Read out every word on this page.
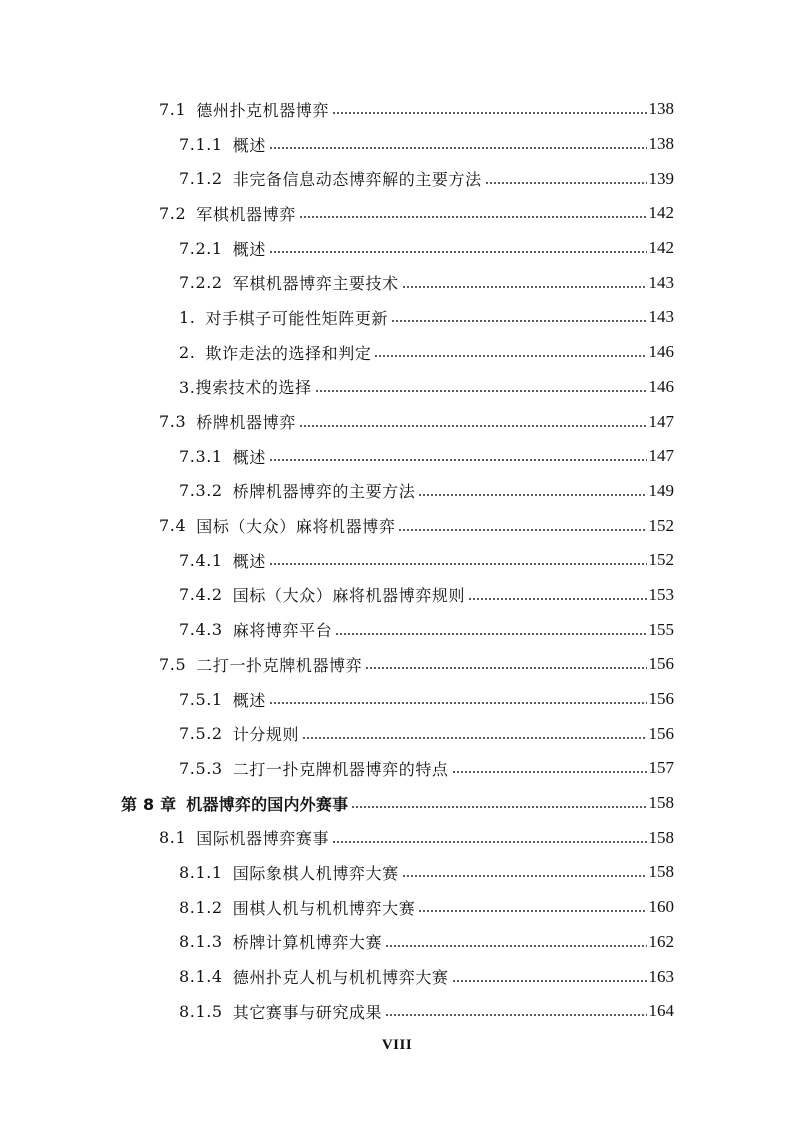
7.1 德州扑克机器博弈	138
7.1.1 概述	138
7.1.2 非完备信息动态博弈解的主要方法	139
7.2 军棋机器博弈	142
7.2.1 概述	142
7.2.2 军棋机器博弈主要技术	143
1. 对手棋子可能性矩阵更新	143
2. 欺诈走法的选择和判定	146
3.搜索技术的选择	146
7.3 桥牌机器博弈	147
7.3.1 概述	147
7.3.2 桥牌机器博弈的主要方法	149
7.4 国标（大众）麻将机器博弈	152
7.4.1 概述	152
7.4.2 国标（大众）麻将机器博弈规则	153
7.4.3 麻将博弈平台	155
7.5 二打一扑克牌机器博弈	156
7.5.1 概述	156
7.5.2 计分规则	156
7.5.3 二打一扑克牌机器博弈的特点	157
第 8 章 机器博弈的国内外赛事	158
8.1 国际机器博弈赛事	158
8.1.1 国际象棋人机博弈大赛	158
8.1.2 围棋人机与机机博弈大赛	160
8.1.3 桥牌计算机博弈大赛	162
8.1.4 德州扑克人机与机机博弈大赛	163
8.1.5 其它赛事与研究成果	164
VIII
